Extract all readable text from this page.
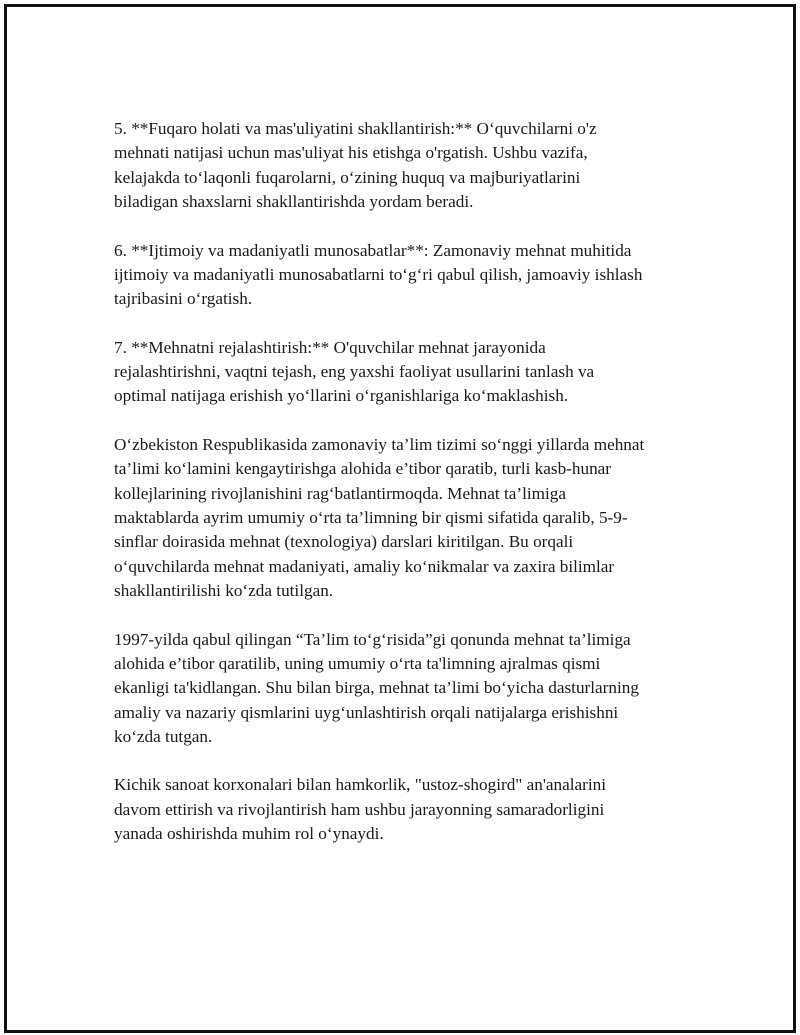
5. **Fuqaro holati va mas'uliyatini shakllantirish:** Oʻquvchilarni o'z
mehnati natijasi uchun mas'uliyat his etishga o'rgatish. Ushbu vazifa,
kelajakda toʻlaqonli fuqarolarni, oʻzining huquq va majburiyatlarini
biladigan shaxslarni shakllantirishda yordam beradi.

6. **Ijtimoiy va madaniyatli munosabatlar**: Zamonaviy mehnat muhitida
ijtimoiy va madaniyatli munosabatlarni toʻgʻri qabul qilish, jamoaviy ishlash
tajribasini oʻrgatish.

7. **Mehnatni rejalashtirish:** O'quvchilar mehnat jarayonida
rejalashtirishni, vaqtni tejash, eng yaxshi faoliyat usullarini tanlash va
optimal natijaga erishish yoʻllarini oʻrganishlariga koʻmaklashish.

Oʻzbekiston Respublikasida zamonaviy ta’lim tizimi soʻnggi yillarda mehnat
ta’limi koʻlamini kengaytirishga alohida e’tibor qaratib, turli kasb-hunar
kollejlarining rivojlanishini ragʻbatlantirmoqda. Mehnat ta’limiga
maktablarda ayrim umumiy oʻrta ta’limning bir qismi sifatida qaralib, 5-9-
sinflar doirasida mehnat (texnologiya) darslari kiritilgan. Bu orqali
oʻquvchilarda mehnat madaniyati, amaliy koʻnikmalar va zaxira bilimlar
shakllantirilishi koʻzda tutilgan.

1997-yilda qabul qilingan “Ta’lim toʻgʻrisida”gi qonunda mehnat ta’limiga
alohida e’tibor qaratilib, uning umumiy oʻrta ta'limning ajralmas qismi
ekanligi ta'kidlangan. Shu bilan birga, mehnat ta’limi boʻyicha dasturlarning
amaliy va nazariy qismlarini uygʻunlashtirish orqali natijalarga erishishni
koʻzda tutgan.

Kichik sanoat korxonalari bilan hamkorlik, "ustoz-shogird" an'analarini
davom ettirish va rivojlantirish ham ushbu jarayonning samaradorligini
yanada oshirishda muhim rol oʻynaydi.
